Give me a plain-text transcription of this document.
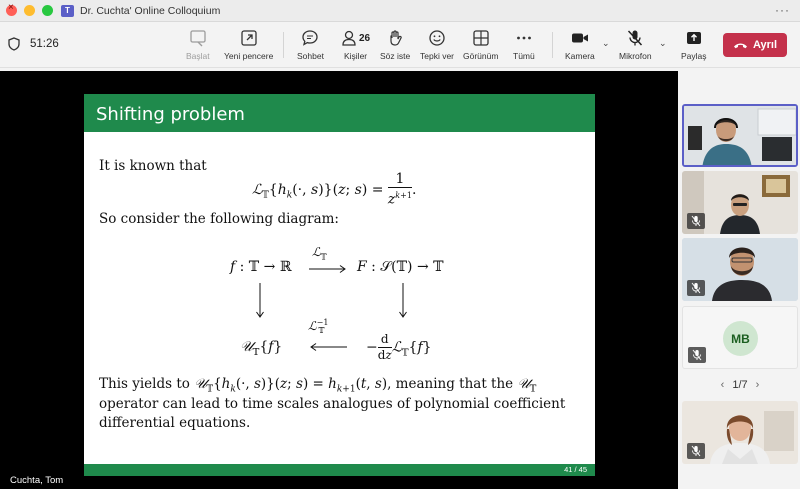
×
T Dr. Cuchta' Online Colloquium	···
51:26
Başlat Yeni pencere	Sohbet
26
Kişiler Söz iste Tepki ver Görünüm Tümü	Kamera
⌄
Mikrofon
⌄
Paylaş
Ayrıl
Shifting problem
It is known that
$ℒ_𝕋\{h_k(\cdot$, s)}(z; $s) = \frac{1}{z^{k+1}}$ .
So consider the following diagram:
f : 𝕋 → ℝ
ℒ$_𝕋$
F : 𝒮(𝕋) → 𝕋
𝒰$_𝕋${f}
ℒ$^{-1}_𝕋$
− $\frac{d}{dz}$ ℒ$_𝕋${f}
This yields to $𝒰_𝕋\{h_k(\cdot$, s)}(z; $s) = h_{k+1}(t$, s), meaning that the 𝒰$_𝕋$
operator can lead to time scales analogues of polynomial coefficient
differential equations.
41 / 45
Cuchta, Tom
MB
‹ 1/7 ›
